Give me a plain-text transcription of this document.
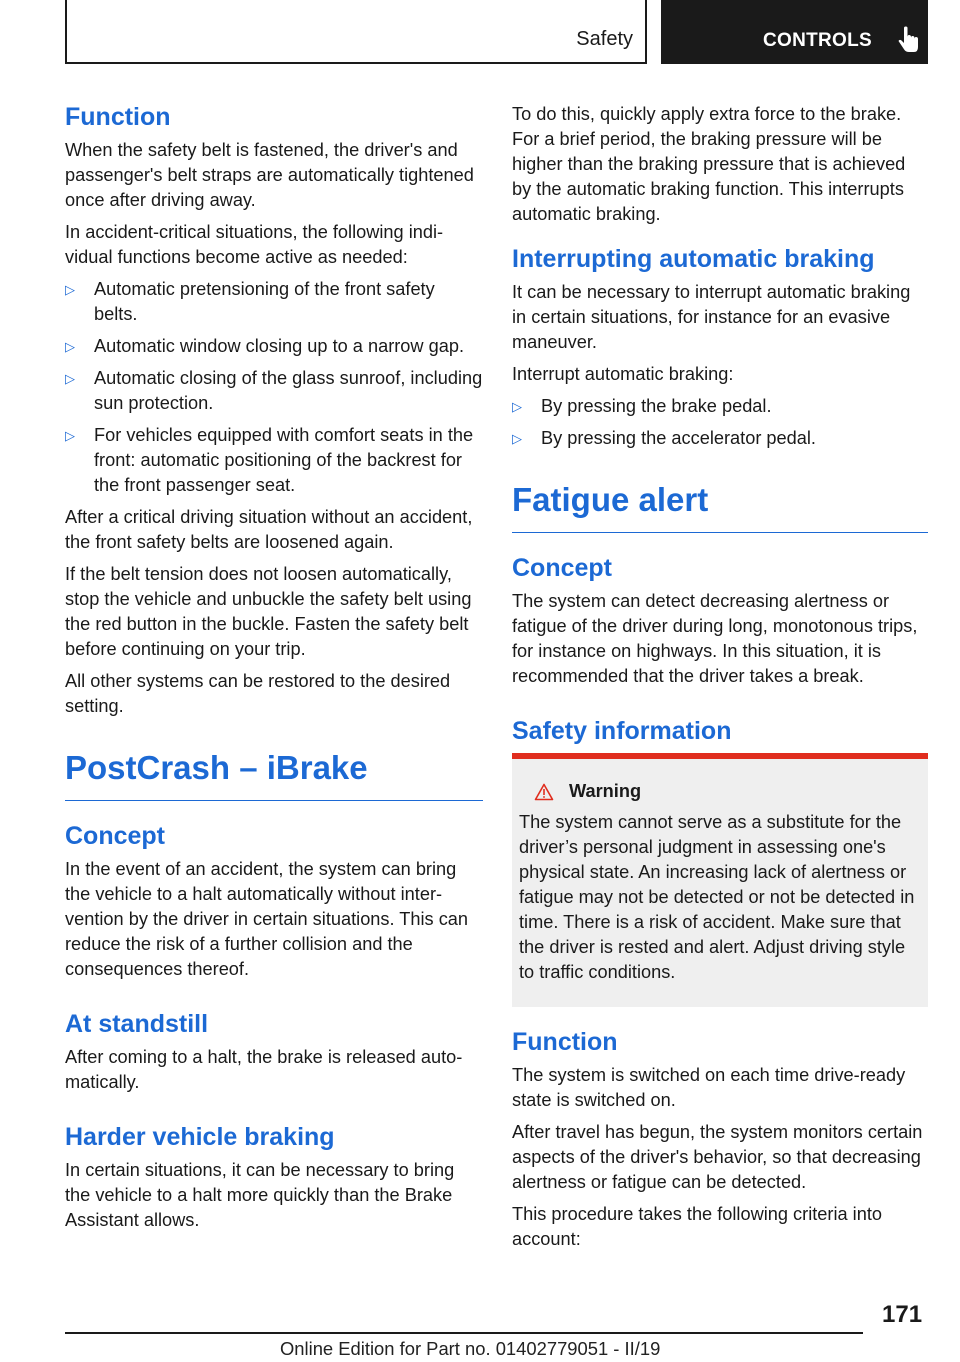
Safety	CONTROLS
Function

When the safety belt is fastened, the driver's and passenger's belt straps are automatically tightened once after driving away.

In accident-critical situations, the following individual functions become active as needed:

▷ Automatic pretensioning of the front safety belts.
▷ Automatic window closing up to a narrow gap.
▷ Automatic closing of the glass sunroof, including sun protection.
▷ For vehicles equipped with comfort seats in the front: automatic positioning of the backrest for the front passenger seat.

After a critical driving situation without an accident, the front safety belts are loosened again.

If the belt tension does not loosen automatically, stop the vehicle and unbuckle the safety belt using the red button in the buckle. Fasten the safety belt before continuing on your trip.

All other systems can be restored to the desired setting.

PostCrash – iBrake
Concept

In the event of an accident, the system can bring the vehicle to a halt automatically without intervention by the driver in certain situations. This can reduce the risk of a further collision and the consequences thereof.

At standstill

After coming to a halt, the brake is released automatically.

Harder vehicle braking

In certain situations, it can be necessary to bring the vehicle to a halt more quickly than the Brake Assistant allows.

To do this, quickly apply extra force to the brake. For a brief period, the braking pressure will be higher than the braking pressure that is achieved by the automatic braking function. This interrupts automatic braking.

Interrupting automatic braking

It can be necessary to interrupt automatic braking in certain situations, for instance for an evasive maneuver.

Interrupt automatic braking:

▷ By pressing the brake pedal.
▷ By pressing the accelerator pedal.
Fatigue alert
Concept

The system can detect decreasing alertness or fatigue of the driver during long, monotonous trips, for instance on highways. In this situation, it is recommended that the driver takes a break.

Safety information
Warning

The system cannot serve as a substitute for the driver’s personal judgment in assessing one's physical state. An increasing lack of alertness or fatigue may not be detected or not be detected in time. There is a risk of accident. Make sure that the driver is rested and alert. Adjust driving style to traffic conditions.

Function

The system is switched on each time drive-ready state is switched on.

After travel has begun, the system monitors certain aspects of the driver's behavior, so that decreasing alertness or fatigue can be detected.

This procedure takes the following criteria into account:

171
Online Edition for Part no. 01402779051 - II/19
